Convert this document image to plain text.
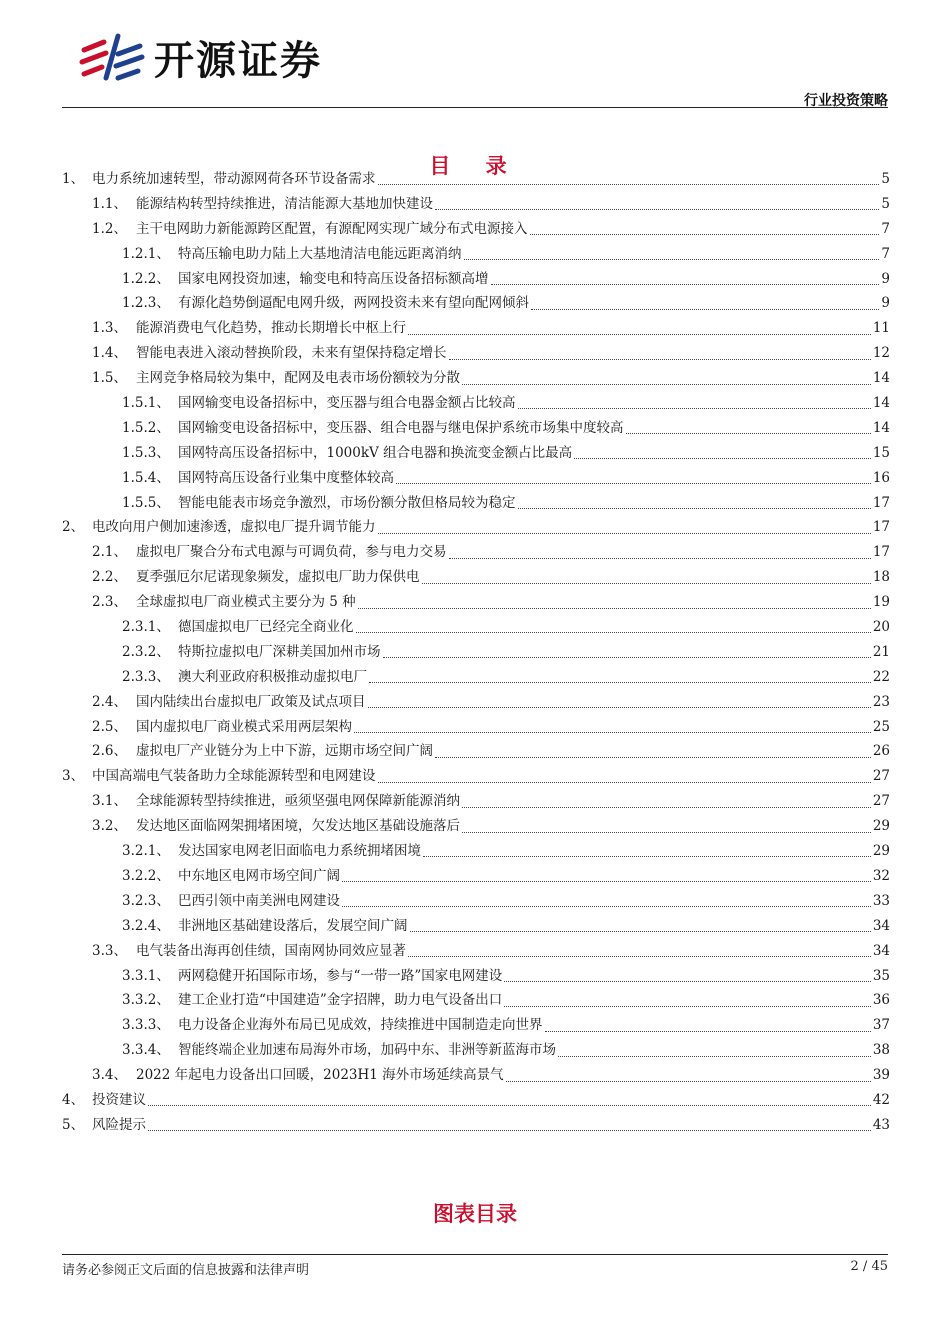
开源证券
行业投资策略
目 录
1、 电力系统加速转型，带动源网荷各环节设备需求	5
1.1、 能源结构转型持续推进，清洁能源大基地加快建设	5
1.2、 主干电网助力新能源跨区配置，有源配网实现广域分布式电源接入	7
1.2.1、 特高压输电助力陆上大基地清洁电能远距离消纳	7
1.2.2、 国家电网投资加速，输变电和特高压设备招标额高增	9
1.2.3、 有源化趋势倒逼配电网升级，两网投资未来有望向配网倾斜	9
1.3、 能源消费电气化趋势，推动长期增长中枢上行	11
1.4、 智能电表进入滚动替换阶段，未来有望保持稳定增长	12
1.5、 主网竞争格局较为集中，配网及电表市场份额较为分散	14
1.5.1、 国网输变电设备招标中，变压器与组合电器金额占比较高	14
1.5.2、 国网输变电设备招标中，变压器、组合电器与继电保护系统市场集中度较高	14
1.5.3、 国网特高压设备招标中，1000kV 组合电器和换流变金额占比最高	15
1.5.4、 国网特高压设备行业集中度整体较高	16
1.5.5、 智能电能表市场竞争激烈，市场份额分散但格局较为稳定	17
2、 电改向用户侧加速渗透，虚拟电厂提升调节能力	17
2.1、 虚拟电厂聚合分布式电源与可调负荷，参与电力交易	17
2.2、 夏季强厄尔尼诺现象频发，虚拟电厂助力保供电	18
2.3、 全球虚拟电厂商业模式主要分为 5 种	19
2.3.1、 德国虚拟电厂已经完全商业化	20
2.3.2、 特斯拉虚拟电厂深耕美国加州市场	21
2.3.3、 澳大利亚政府积极推动虚拟电厂	22
2.4、 国内陆续出台虚拟电厂政策及试点项目	23
2.5、 国内虚拟电厂商业模式采用两层架构	25
2.6、 虚拟电厂产业链分为上中下游，远期市场空间广阔	26
3、 中国高端电气装备助力全球能源转型和电网建设	27
3.1、 全球能源转型持续推进，亟须坚强电网保障新能源消纳	27
3.2、 发达地区面临网架拥堵困境，欠发达地区基础设施落后	29
3.2.1、 发达国家电网老旧面临电力系统拥堵困境	29
3.2.2、 中东地区电网市场空间广阔	32
3.2.3、 巴西引领中南美洲电网建设	33
3.2.4、 非洲地区基础建设落后，发展空间广阔	34
3.3、 电气装备出海再创佳绩，国南网协同效应显著	34
3.3.1、 两网稳健开拓国际市场，参与“一带一路”国家电网建设	35
3.3.2、 建工企业打造“中国建造”金字招牌，助力电气设备出口	36
3.3.3、 电力设备企业海外布局已见成效，持续推进中国制造走向世界	37
3.3.4、 智能终端企业加速布局海外市场，加码中东、非洲等新蓝海市场	38
3.4、 2022 年起电力设备出口回暖，2023H1 海外市场延续高景气	39
4、 投资建议	42
5、 风险提示	43
图表目录
请务必参阅正文后面的信息披露和法律声明	2 / 45
